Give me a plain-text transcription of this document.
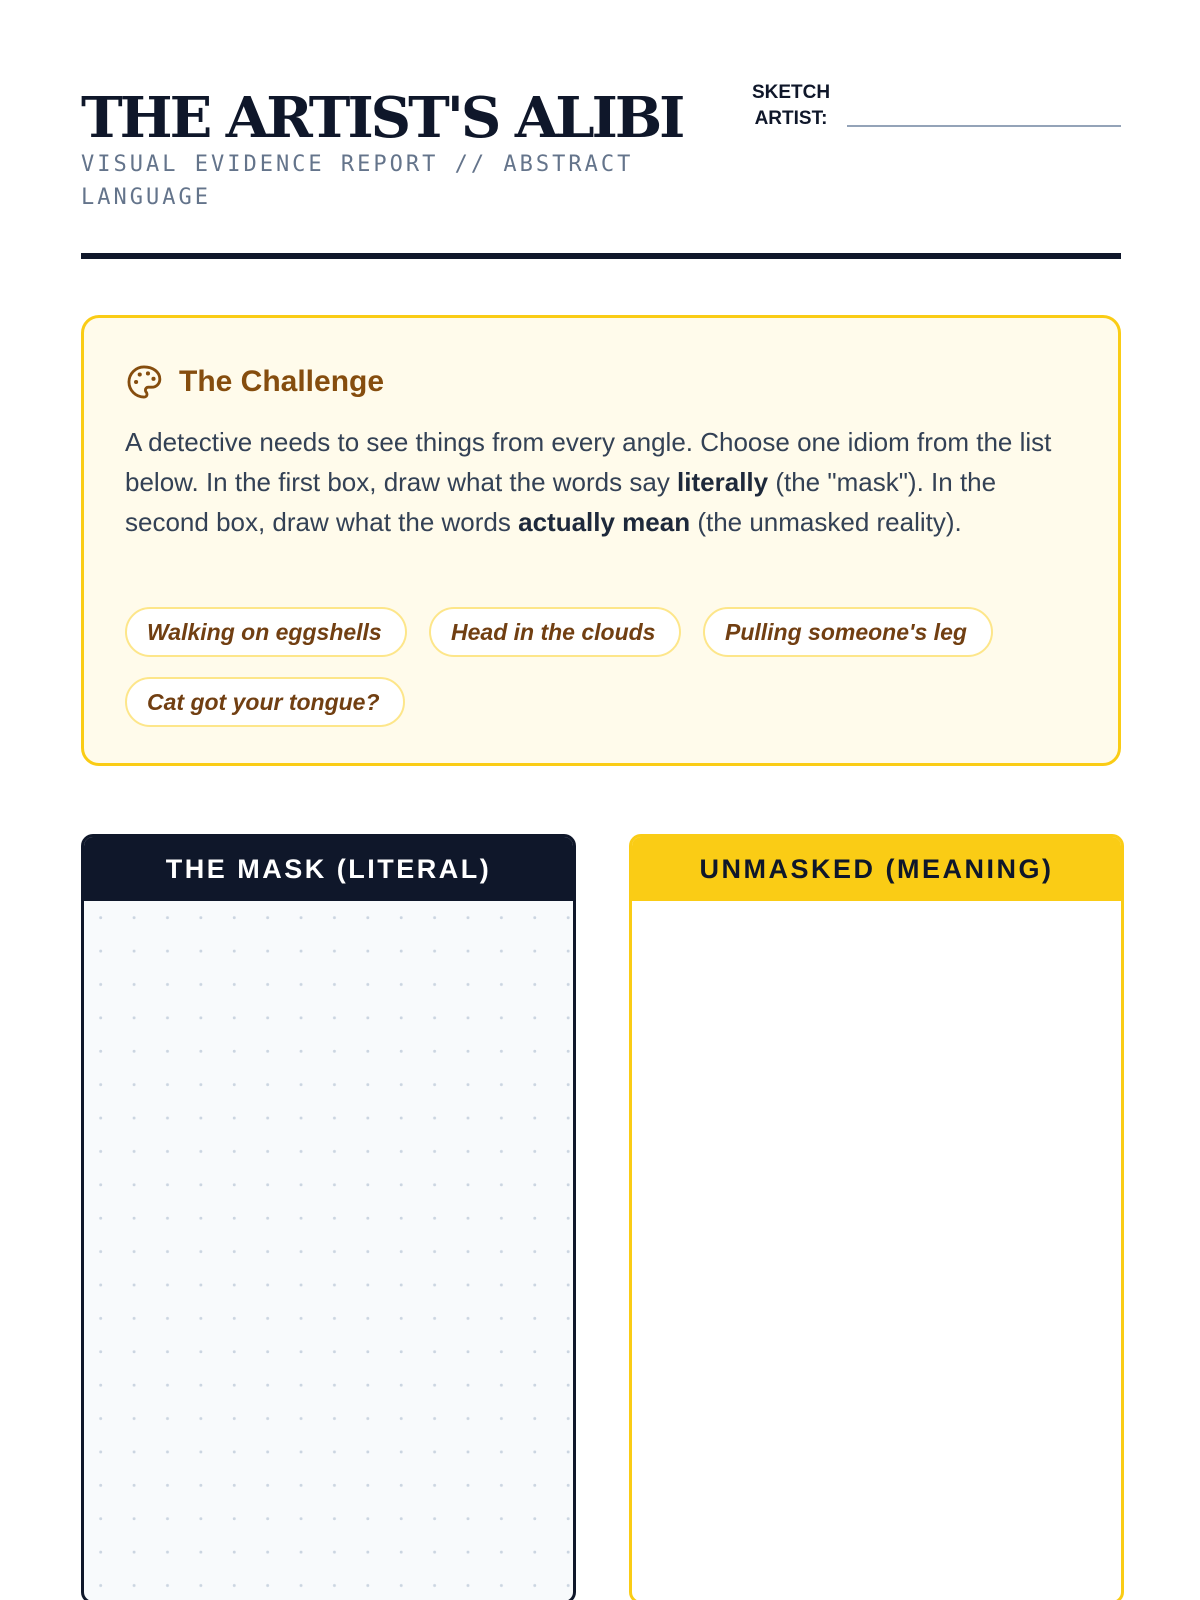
THE ARTIST'S ALIBI
VISUAL EVIDENCE REPORT // ABSTRACT LANGUAGE
SKETCH ARTIST:
The Challenge

A detective needs to see things from every angle. Choose one idiom from the list below. In the first box, draw what the words say literally (the "mask"). In the second box, draw what the words actually mean (the unmasked reality).

Walking on eggshells	Head in the clouds	Pulling someone's leg
Cat got your tongue?
THE MASK (LITERAL)	UNMASKED (MEANING)
